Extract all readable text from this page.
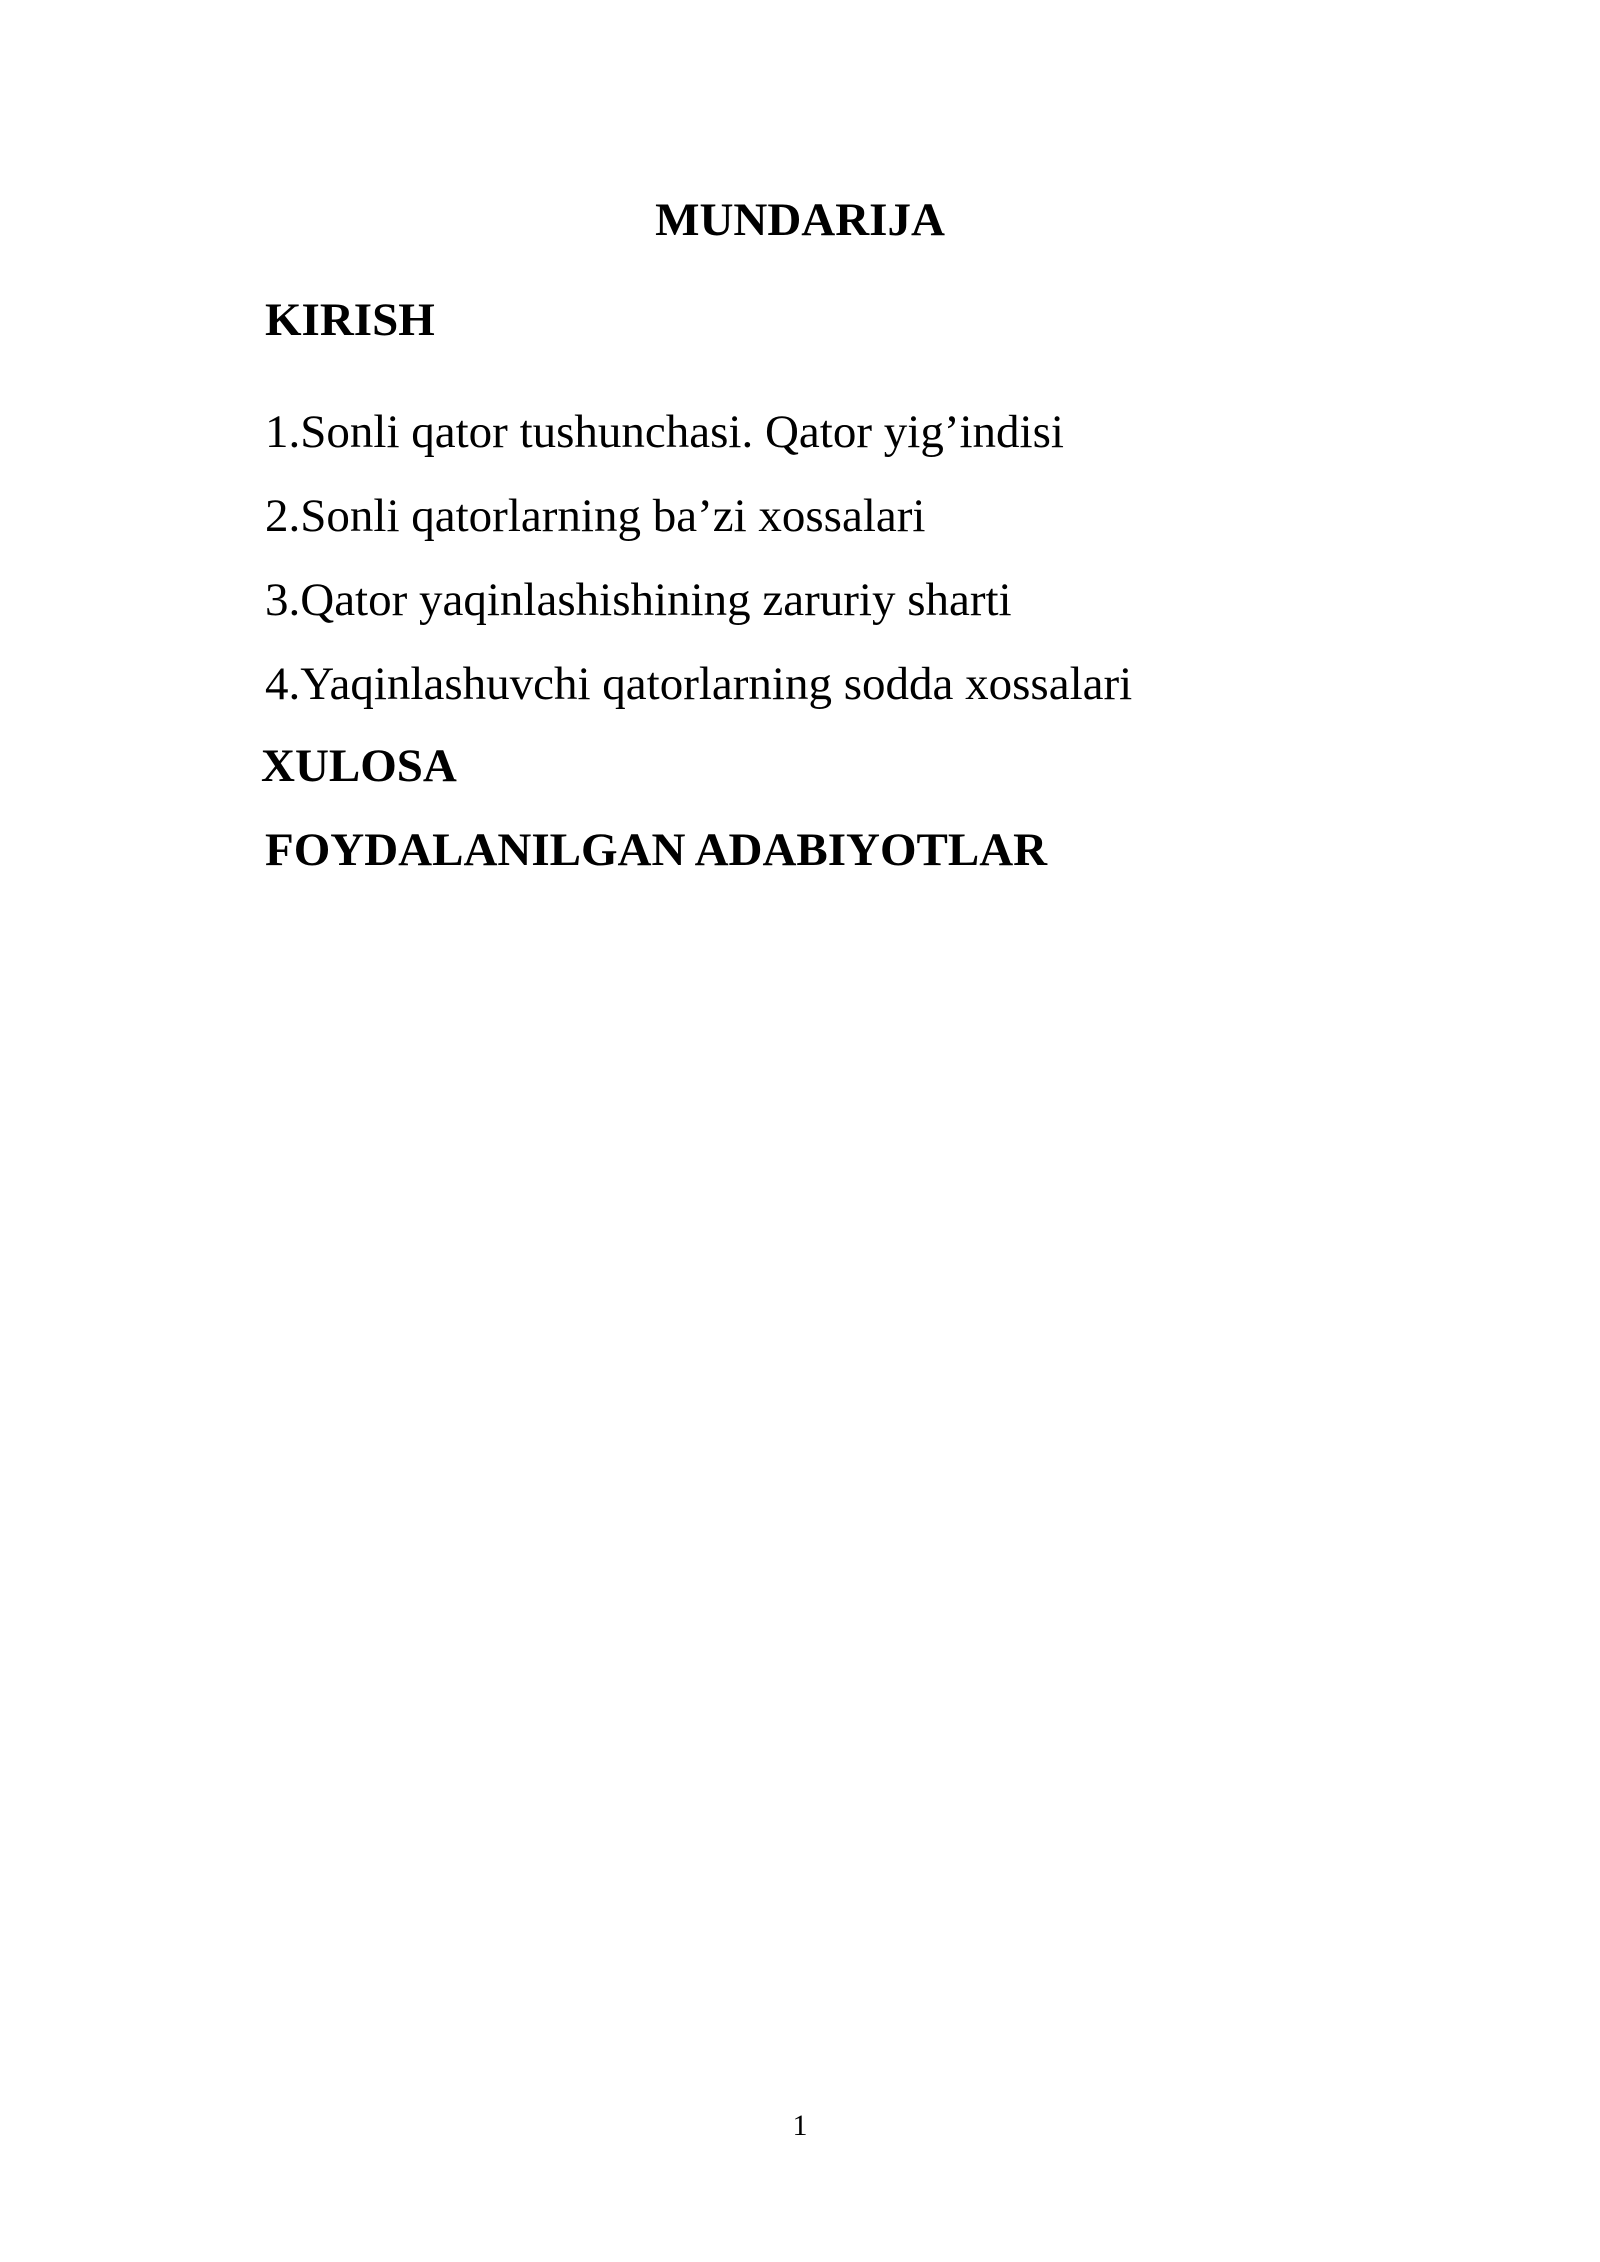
MUNDARIJA
KIRISH
1.Sonli qator tushunchasi. Qator yig’indisi
2.Sonli qatorlarning ba’zi xossalari
3.Qator yaqinlashishining zaruriy sharti
4.Yaqinlashuvchi qatorlarning sodda xossalari
XULOSA
FOYDALANILGAN ADABIYOTLAR
1
